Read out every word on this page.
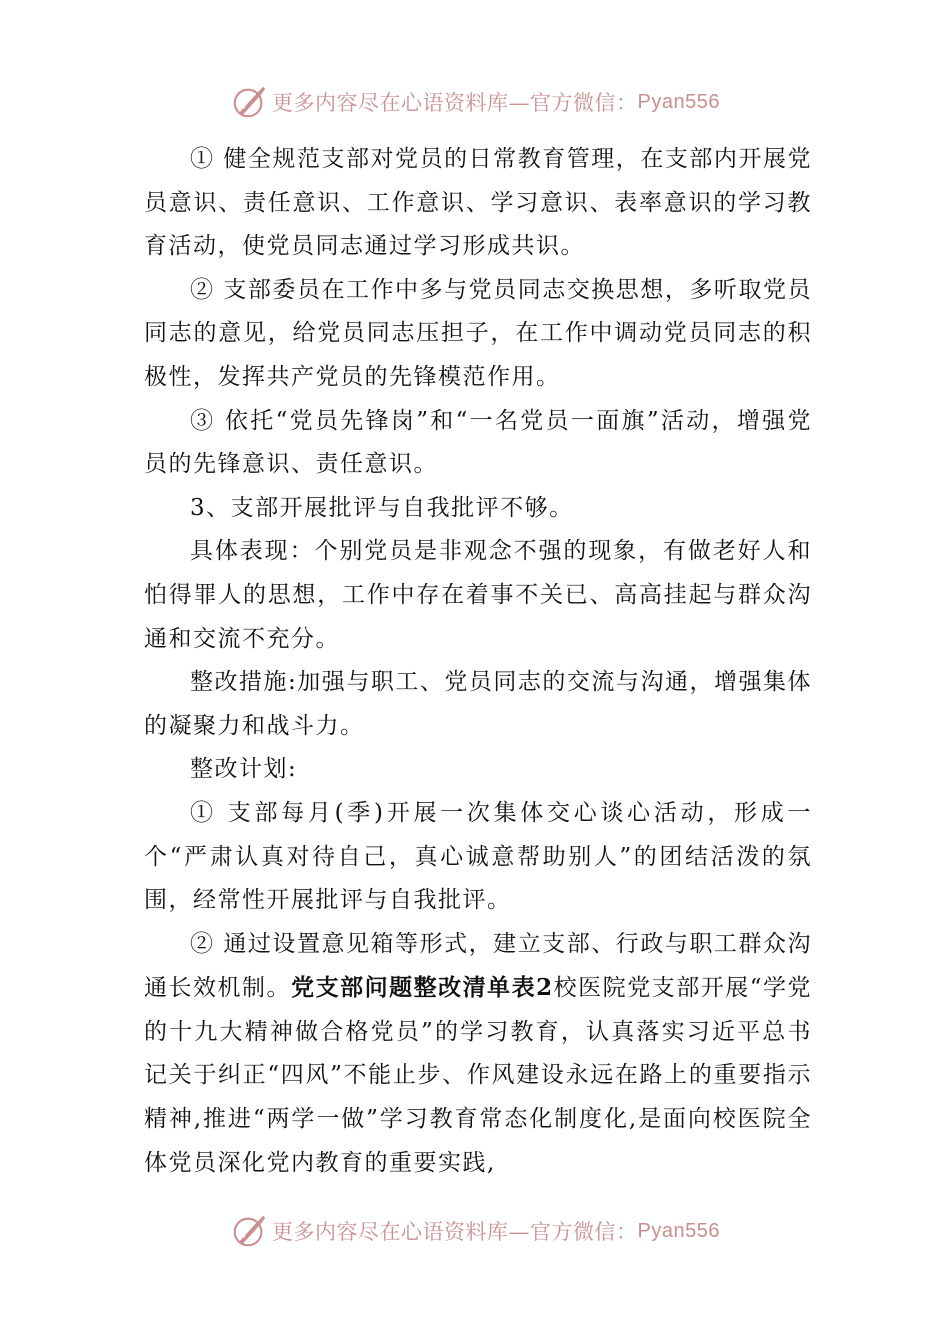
更多内容尽在心语资料库—官方微信： Pyan556

① 健全规范支部对党员的日常教育管理，在支部内开展党员意识、责任意识、工作意识、学习意识、表率意识的学习教育活动，使党员同志通过学习形成共识。

② 支部委员在工作中多与党员同志交换思想，多听取党员同志的意见，给党员同志压担子，在工作中调动党员同志的积极性，发挥共产党员的先锋模范作用。

③ 依托“党员先锋岗”和“一名党员一面旗”活动，增强党员的先锋意识、责任意识。

3、支部开展批评与自我批评不够。

具体表现：个别党员是非观念不强的现象，有做老好人和怕得罪人的思想，工作中存在着事不关已、高高挂起与群众沟通和交流不充分。

整改措施:加强与职工、党员同志的交流与沟通，增强集体的凝聚力和战斗力。

整改计划:

① 支部每月(季)开展一次集体交心谈心活动，形成一个“严肃认真对待自己，真心诚意帮助别人”的团结活泼的氛围，经常性开展批评与自我批评。

② 通过设置意见箱等形式，建立支部、行政与职工群众沟通长效机制。党支部问题整改清单表2校医院党支部开展“学党的十九大精神做合格党员”的学习教育，认真落实习近平总书记关于纠正“四风”不能止步、作风建设永远在路上的重要指示精神,推进“两学一做”学习教育常态化制度化,是面向校医院全体党员深化党内教育的重要实践,

更多内容尽在心语资料库—官方微信： Pyan556
